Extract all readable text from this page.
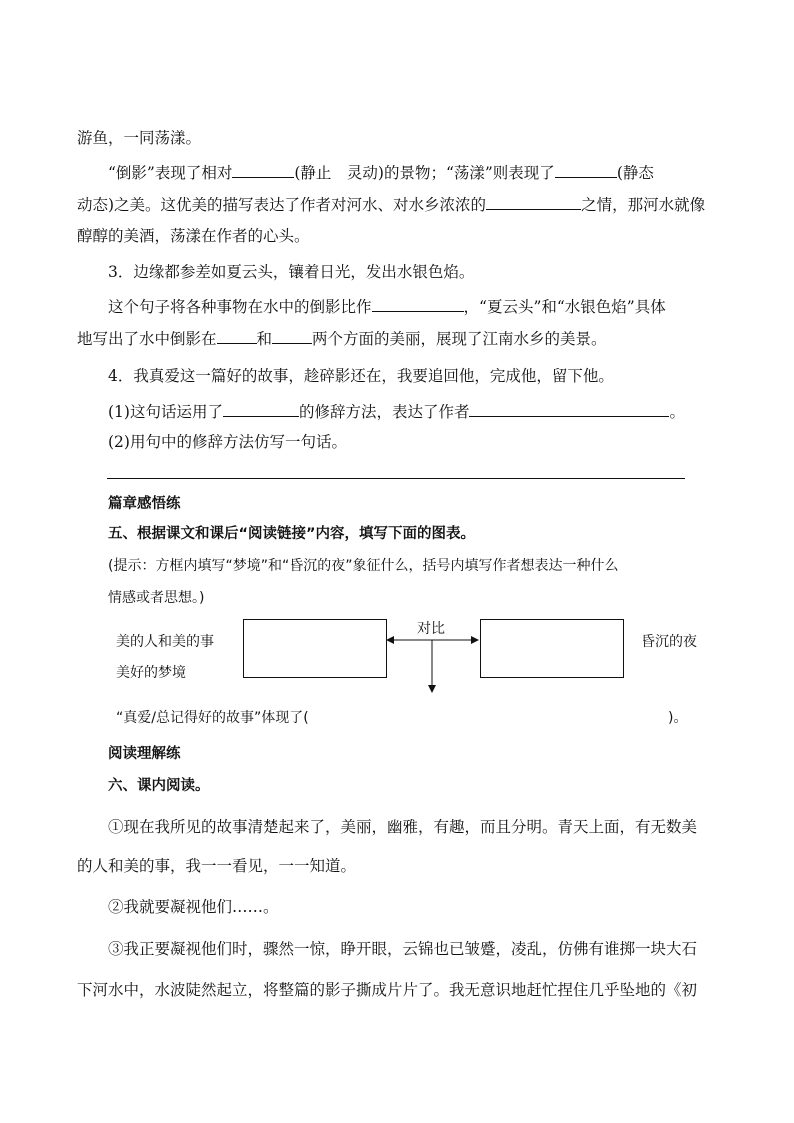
游鱼，一同荡漾。
“倒影”表现了相对	(静止　灵动)的景物；“荡漾”则表现了	(静态
动态)之美。这优美的描写表达了作者对河水、对水乡浓浓的	之情，那河水就像
醇醇的美酒，荡漾在作者的心头。
3．边缘都参差如夏云头，镶着日光，发出水银色焰。
这个句子将各种事物在水中的倒影比作	，“夏云头”和“水银色焰”具体
地写出了水中倒影在	和	两个方面的美丽，展现了江南水乡的美景。
4．我真爱这一篇好的故事，趁碎影还在，我要追回他，完成他，留下他。
(1)这句话运用了	的修辞方法，表达了作者	。
(2)用句中的修辞方法仿写一句话。
篇章感悟练
五、根据课文和课后“阅读链接”内容，填写下面的图表。
(提示：方框内填写“梦境”和“昏沉的夜”象征什么，括号内填写作者想表达一种什么
情感或者思想。)
美的人和美的事
美好的梦境
对比
昏沉的夜
“真爱/总记得好的故事”体现了(	)。
阅读理解练
六、课内阅读。
①现在我所见的故事清楚起来了，美丽，幽雅，有趣，而且分明。青天上面，有无数美
的人和美的事，我一一看见，一一知道。
②我就要凝视他们……。
③我正要凝视他们时，骤然一惊，睁开眼，云锦也已皱蹙，凌乱，仿佛有谁掷一块大石
下河水中，水波陡然起立，将整篇的影子撕成片片了。我无意识地赶忙捏住几乎坠地的《初
